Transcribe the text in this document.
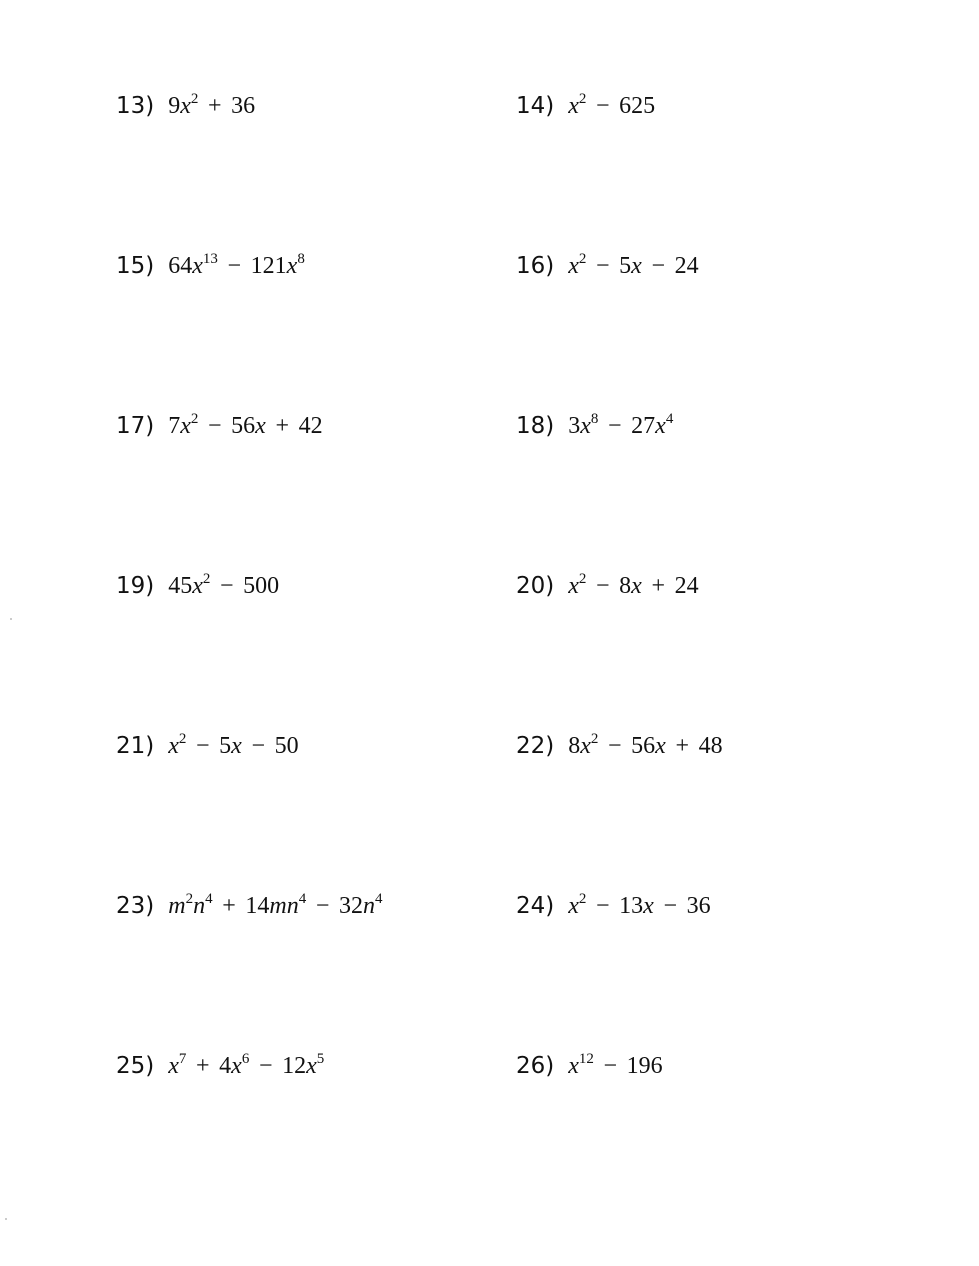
13) $9x^2 + 36$	14) $x^2 - 625$
15) $64x^{13} - 121x^8$	16) $x^2 - 5x - 24$
17) $7x^2 - 56x + 42$	18) $3x^8 - 27x^4$
19) $45x^2 - 500$	20) $x^2 - 8x + 24$
21) $x^2 - 5x - 50$	22) $8x^2 - 56x + 48$
23) $m^2n^4 + 14mn^4 - 32n^4$	24) $x^2 - 13x - 36$
25) $x^7 + 4x^6 - 12x^5$	26) $x^{12} - 196$
